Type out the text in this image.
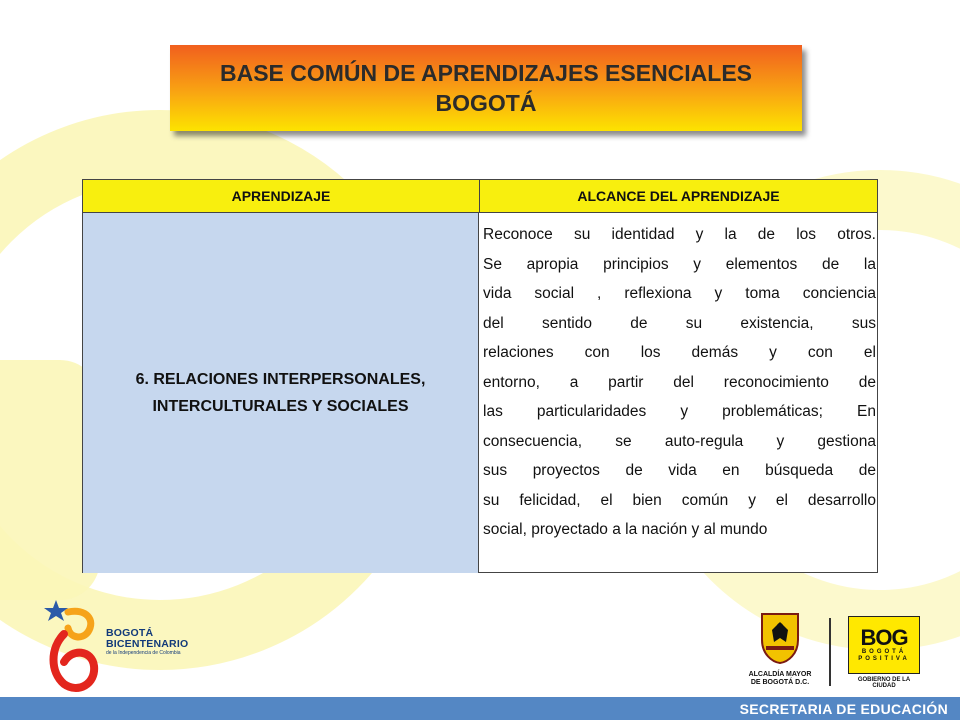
BASE COMÚN DE APRENDIZAJES ESENCIALES
BOGOTÁ
APRENDIZAJE	ALCANCE DEL APRENDIZAJE
6. RELACIONES INTERPERSONALES,
INTERCULTURALES Y SOCIALES

Reconoce su identidad y la de los otros.

Se apropia principios y elementos de la

vida social , reflexiona y toma conciencia

del sentido de su existencia, sus

relaciones con los demás y con el

entorno, a partir del reconocimiento de

las particularidades y problemáticas; En

consecuencia, se auto-regula y gestiona

sus proyectos de vida en búsqueda de

su felicidad, el bien común y el desarrollo

social, proyectado a la nación y al mundo

BOGOTÁ
BICENTENARIO
de la Independencia de Colombia
ALCALDÍA MAYOR
DE BOGOTÁ D.C.
BOG
BOGOTÁ
POSITIVA
GOBIERNO DE LA CIUDAD
SECRETARIA DE EDUCACIÓN
